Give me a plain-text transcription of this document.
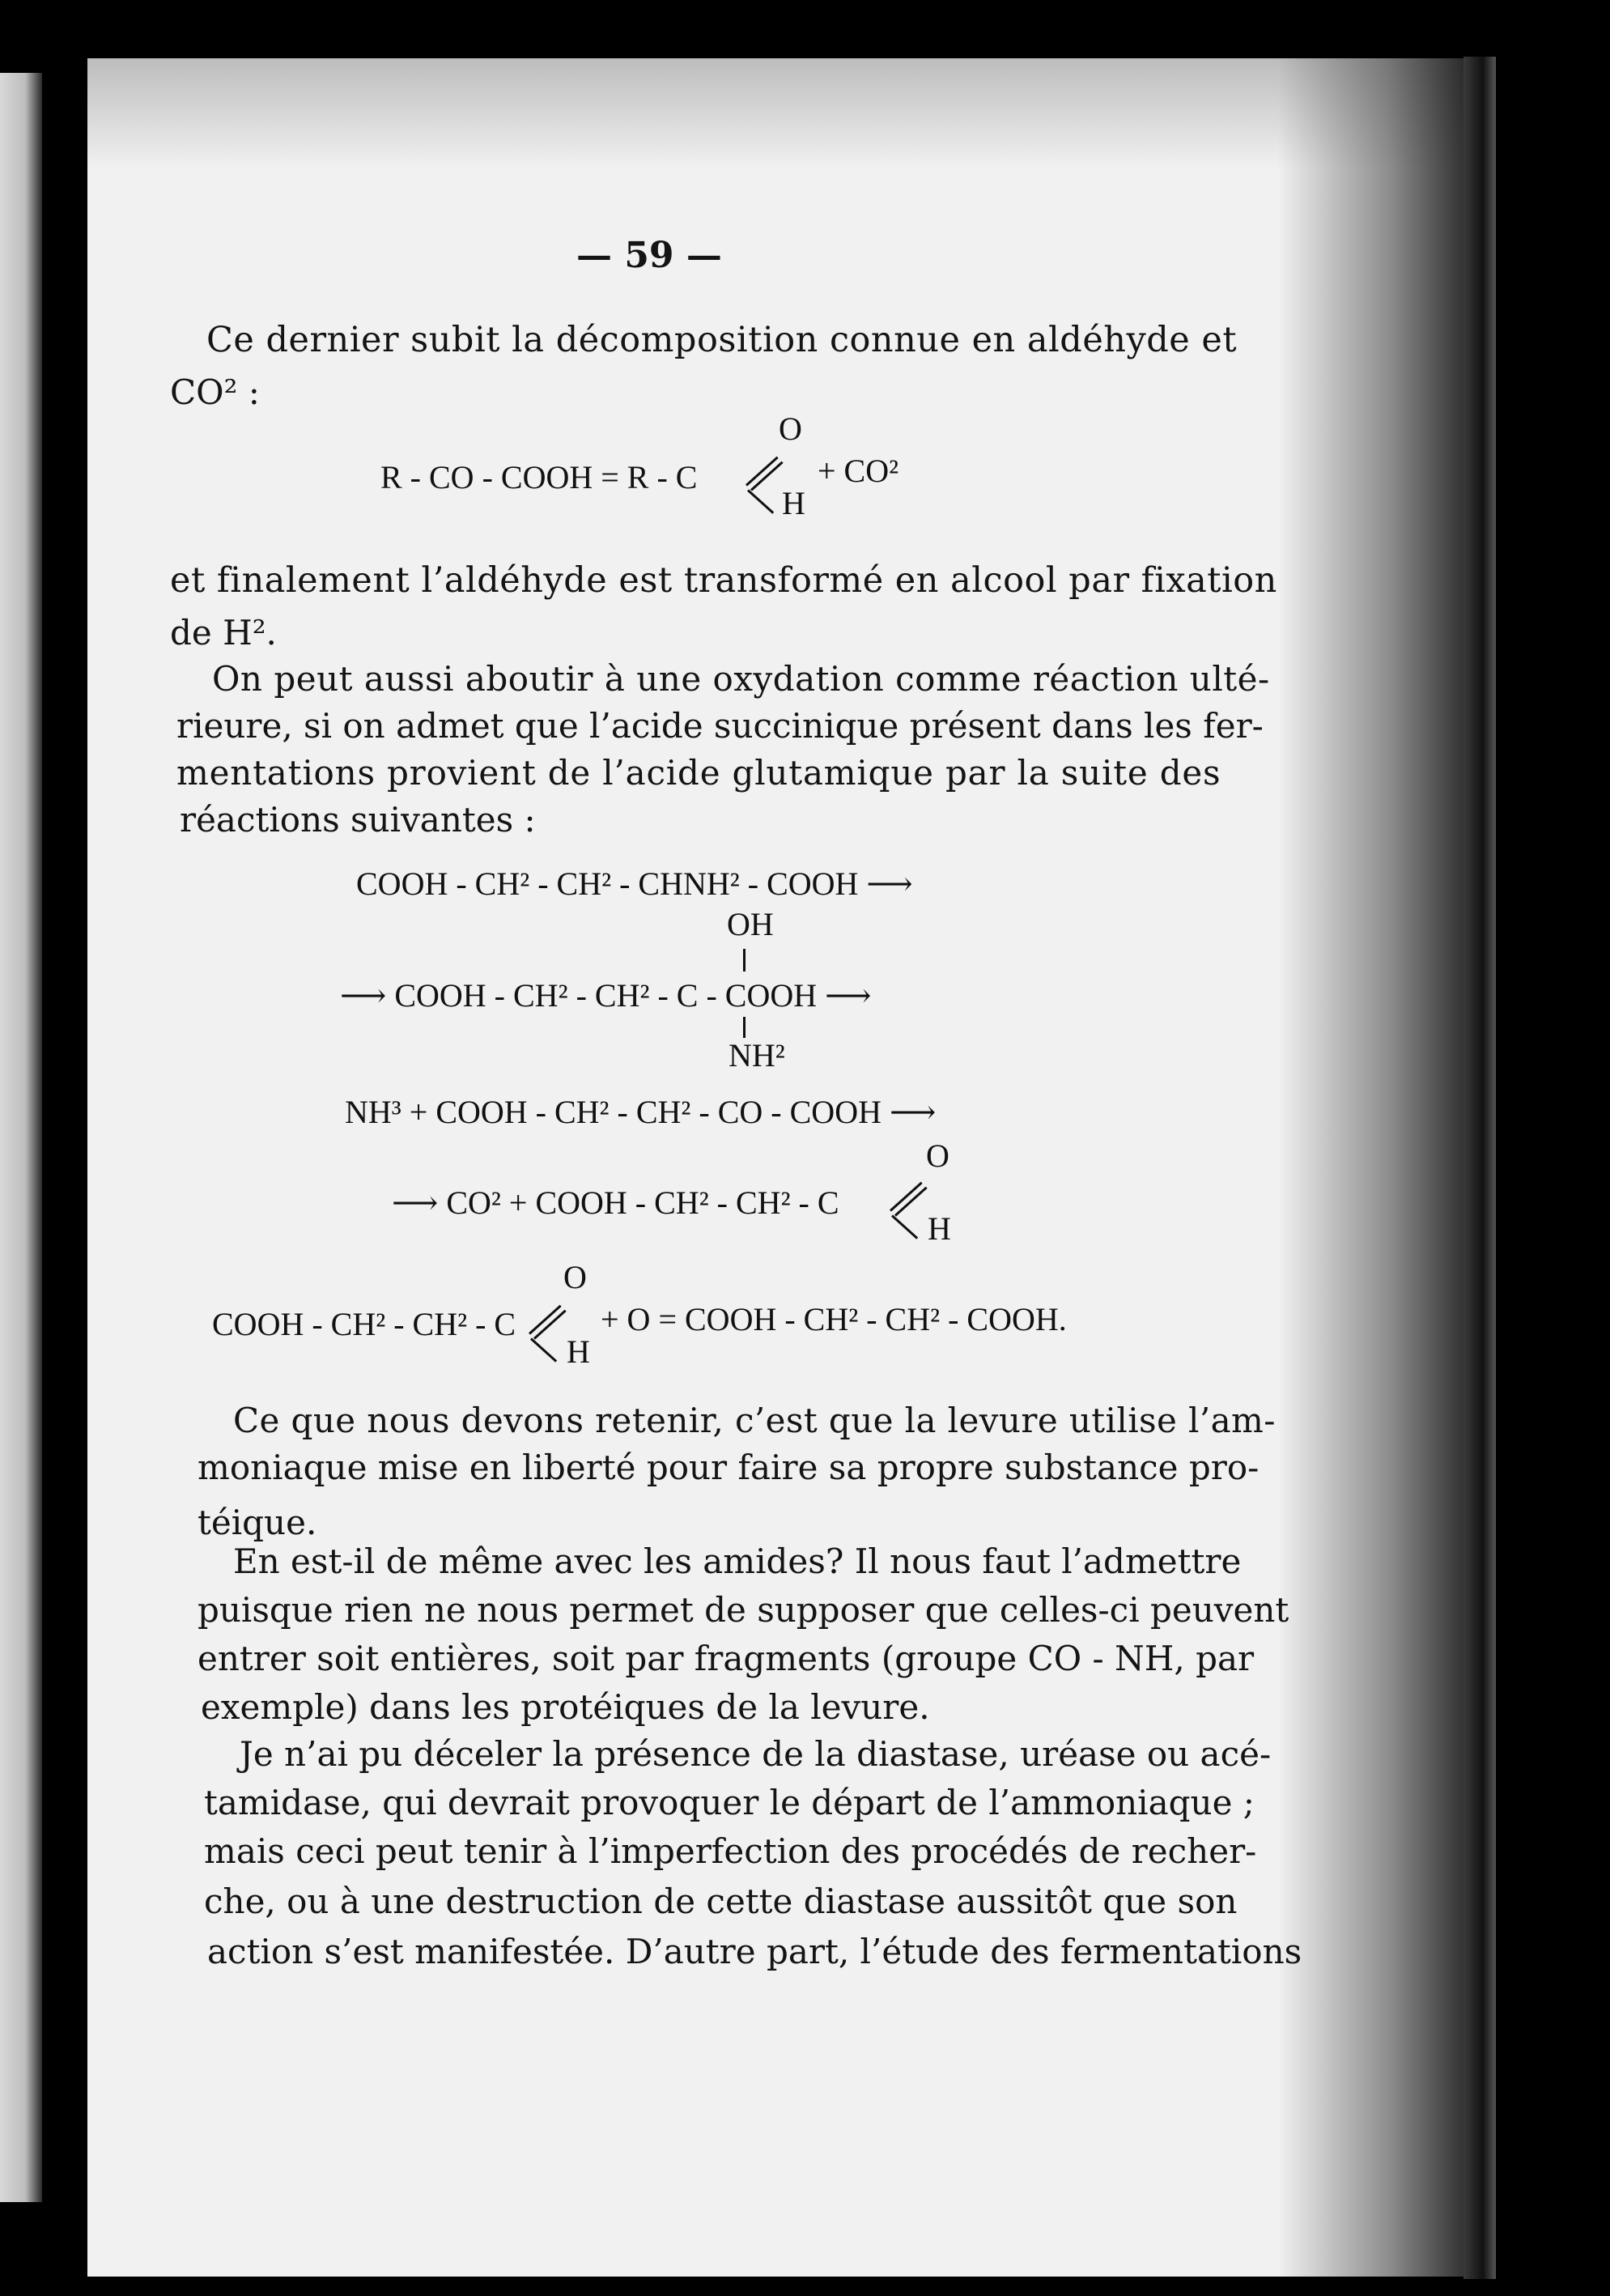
— 59 —
Ce dernier subit la décomposition connue en aldéhyde et
CO² :
R - CO - COOH = R - C
O
H
+ CO²
et finalement l’aldéhyde est transformé en alcool par fixation
de H².
On peut aussi aboutir à une oxydation comme réaction ulté-
rieure, si on admet que l’acide succinique présent dans les fer-
mentations provient de l’acide glutamique par la suite des
réactions suivantes :
COOH - CH² - CH² - CHNH² - COOH ⟶
OH
⟶ COOH - CH² - CH² - C - COOH ⟶
NH²
NH³ + COOH - CH² - CH² - CO - COOH ⟶
⟶ CO² + COOH - CH² - CH² - C
O
H
COOH - CH² - CH² - C
O
H
+ O = COOH - CH² - CH² - COOH.
Ce que nous devons retenir, c’est que la levure utilise l’am-
moniaque mise en liberté pour faire sa propre substance pro-
téique.
En est-il de même avec les amides? Il nous faut l’admettre
puisque rien ne nous permet de supposer que celles-ci peuvent
entrer soit entières, soit par fragments (groupe CO - NH, par
exemple) dans les protéiques de la levure.
Je n’ai pu déceler la présence de la diastase, uréase ou acé-
tamidase, qui devrait provoquer le départ de l’ammoniaque ;
mais ceci peut tenir à l’imperfection des procédés de recher-
che, ou à une destruction de cette diastase aussitôt que son
action s’est manifestée. D’autre part, l’étude des fermentations
